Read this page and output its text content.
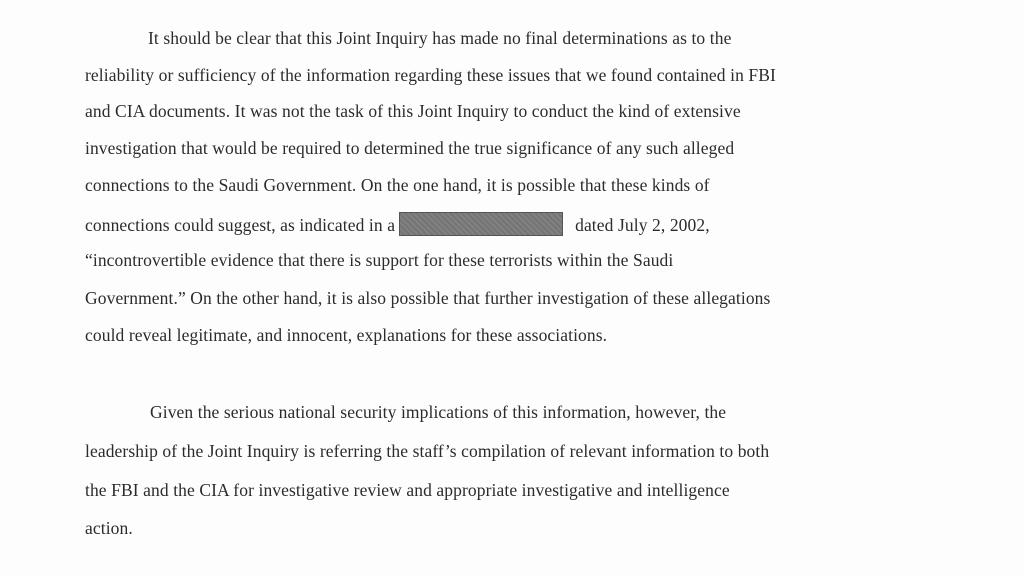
It should be clear that this Joint Inquiry has made no final determinations as to the
reliability or sufficiency of the information regarding these issues that we found contained in FBI
and CIA documents. It was not the task of this Joint Inquiry to conduct the kind of extensive
investigation that would be required to determined the true significance of any such alleged
connections to the Saudi Government. On the one hand, it is possible that these kinds of
connections could suggest, as indicated in a	dated July 2, 2002,
“incontrovertible evidence that there is support for these terrorists within the Saudi
Government.” On the other hand, it is also possible that further investigation of these allegations
could reveal legitimate, and innocent, explanations for these associations.
Given the serious national security implications of this information, however, the
leadership of the Joint Inquiry is referring the staff’s compilation of relevant information to both
the FBI and the CIA for investigative review and appropriate investigative and intelligence
action.
